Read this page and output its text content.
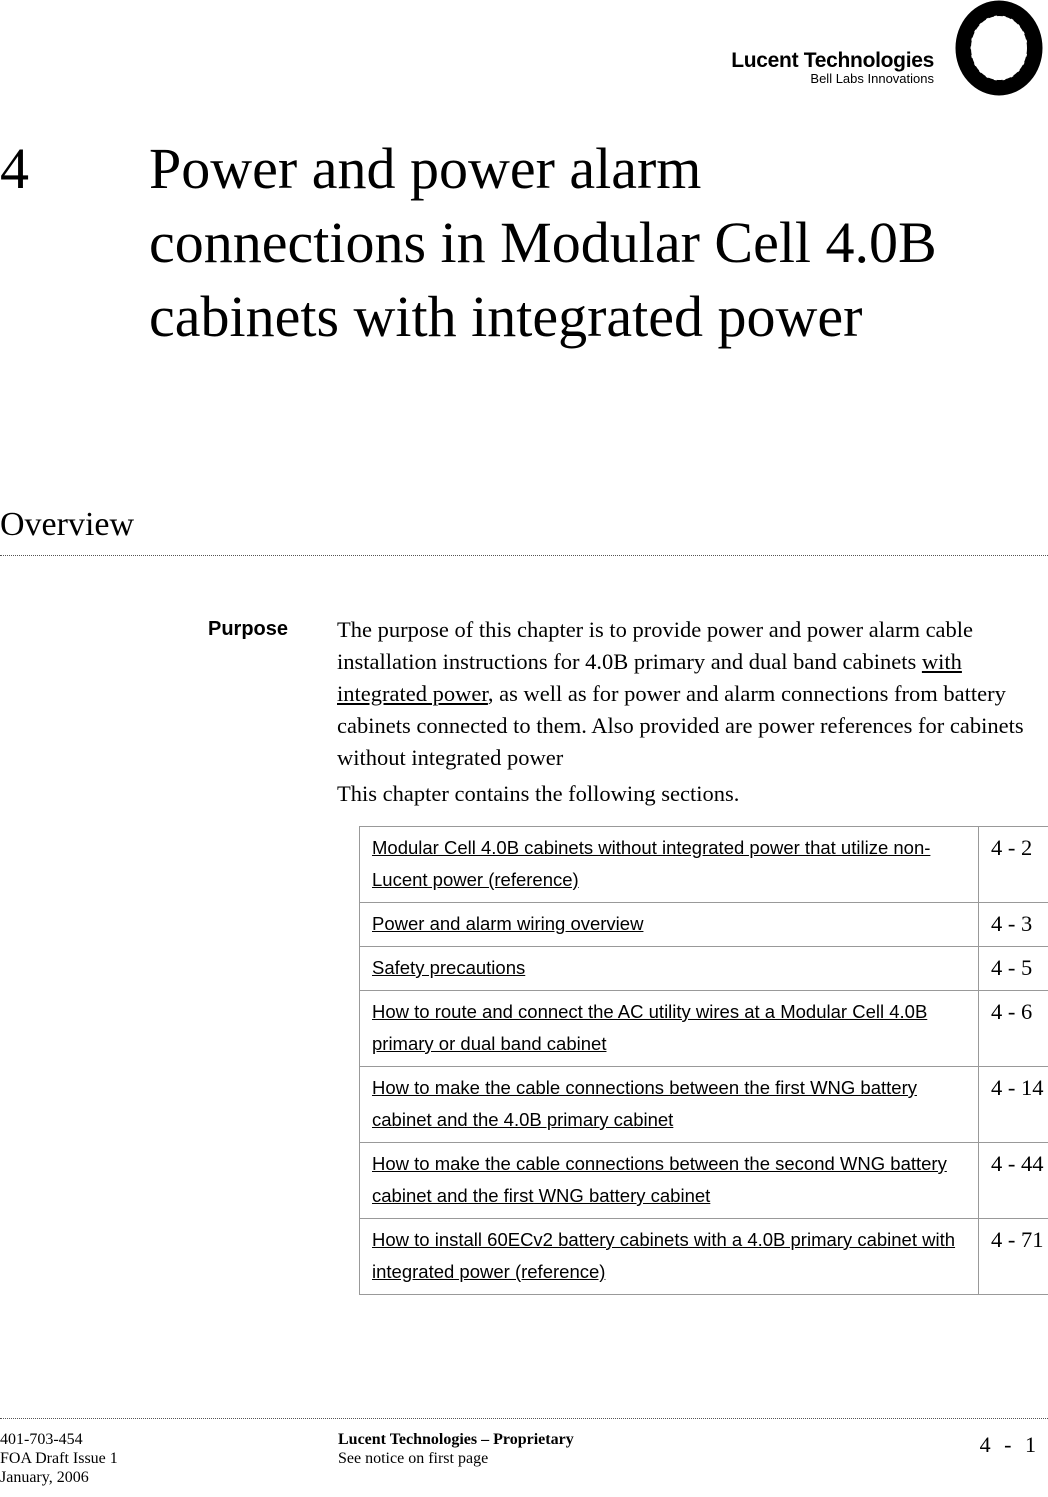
Lucent Technologies
Bell Labs Innovations
4 Power and power alarm connections in Modular Cell 4.0B cabinets with integrated power
Overview
Purpose The purpose of this chapter is to provide power and power alarm cable installation instructions for 4.0B primary and dual band cabinets with integrated power, as well as for power and alarm connections from battery cabinets connected to them. Also provided are power references for cabinets without integrated power

This chapter contains the following sections.
Modular Cell 4.0B cabinets without integrated power that utilize non-Lucent power (reference)	4 - 2
Power and alarm wiring overview	4 - 3
Safety precautions	4 - 5
How to route and connect the AC utility wires at a Modular Cell 4.0B primary or dual band cabinet	4 - 6
How to make the cable connections between the first WNG battery cabinet and the 4.0B primary cabinet	4 - 14
How to make the cable connections between the second WNG battery cabinet and the first WNG battery cabinet	4 - 44
How to install 60ECv2 battery cabinets with a 4.0B primary cabinet with integrated power (reference)	4 - 71
401-703-454
FOA Draft Issue 1
January, 2006
Lucent Technologies – Proprietary
See notice on first page
4 - 1
